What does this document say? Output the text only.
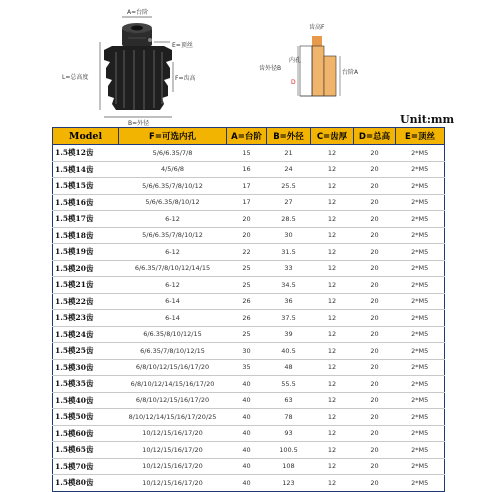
A=台阶
D=内孔
E=顶丝
L=总高度	F=齿高
B=外径
齿高F
齿外径B
内孔
D
台阶A
Unit:mm
Model	F=可选内孔	A=台阶	B=外径	C=齿厚	D=总高	E=顶丝
1.5模12齿	5/6/6.35/7/8	15	21	12	20	2*M5
1.5模14齿	4/5/6/8	16	24	12	20	2*M5
1.5模15齿	5/6/6.35/7/8/10/12	17	25.5	12	20	2*M5
1.5模16齿	5/6/6.35/8/10/12	17	27	12	20	2*M5
1.5模17齿	6-12	20	28.5	12	20	2*M5
1.5模18齿	5/6/6.35/7/8/10/12	20	30	12	20	2*M5
1.5模19齿	6-12	22	31.5	12	20	2*M5
1.5模20齿	6/6.35/7/8/10/12/14/15	25	33	12	20	2*M5
1.5模21齿	6-12	25	34.5	12	20	2*M5
1.5模22齿	6-14	26	36	12	20	2*M5
1.5模23齿	6-14	26	37.5	12	20	2*M5
1.5模24齿	6/6.35/8/10/12/15	25	39	12	20	2*M5
1.5模25齿	6/6.35/7/8/10/12/15	30	40.5	12	20	2*M5
1.5模30齿	6/8/10/12/15/16/17/20	35	48	12	20	2*M5
1.5模35齿	6/8/10/12/14/15/16/17/20	40	55.5	12	20	2*M5
1.5模40齿	6/8/10/12/15/16/17/20	40	63	12	20	2*M5
1.5模50齿	8/10/12/14/15/16/17/20/25	40	78	12	20	2*M5
1.5模60齿	10/12/15/16/17/20	40	93	12	20	2*M5
1.5模65齿	10/12/15/16/17/20	40	100.5	12	20	2*M5
1.5模70齿	10/12/15/16/17/20	40	108	12	20	2*M5
1.5模80齿	10/12/15/16/17/20	40	123	12	20	2*M5
